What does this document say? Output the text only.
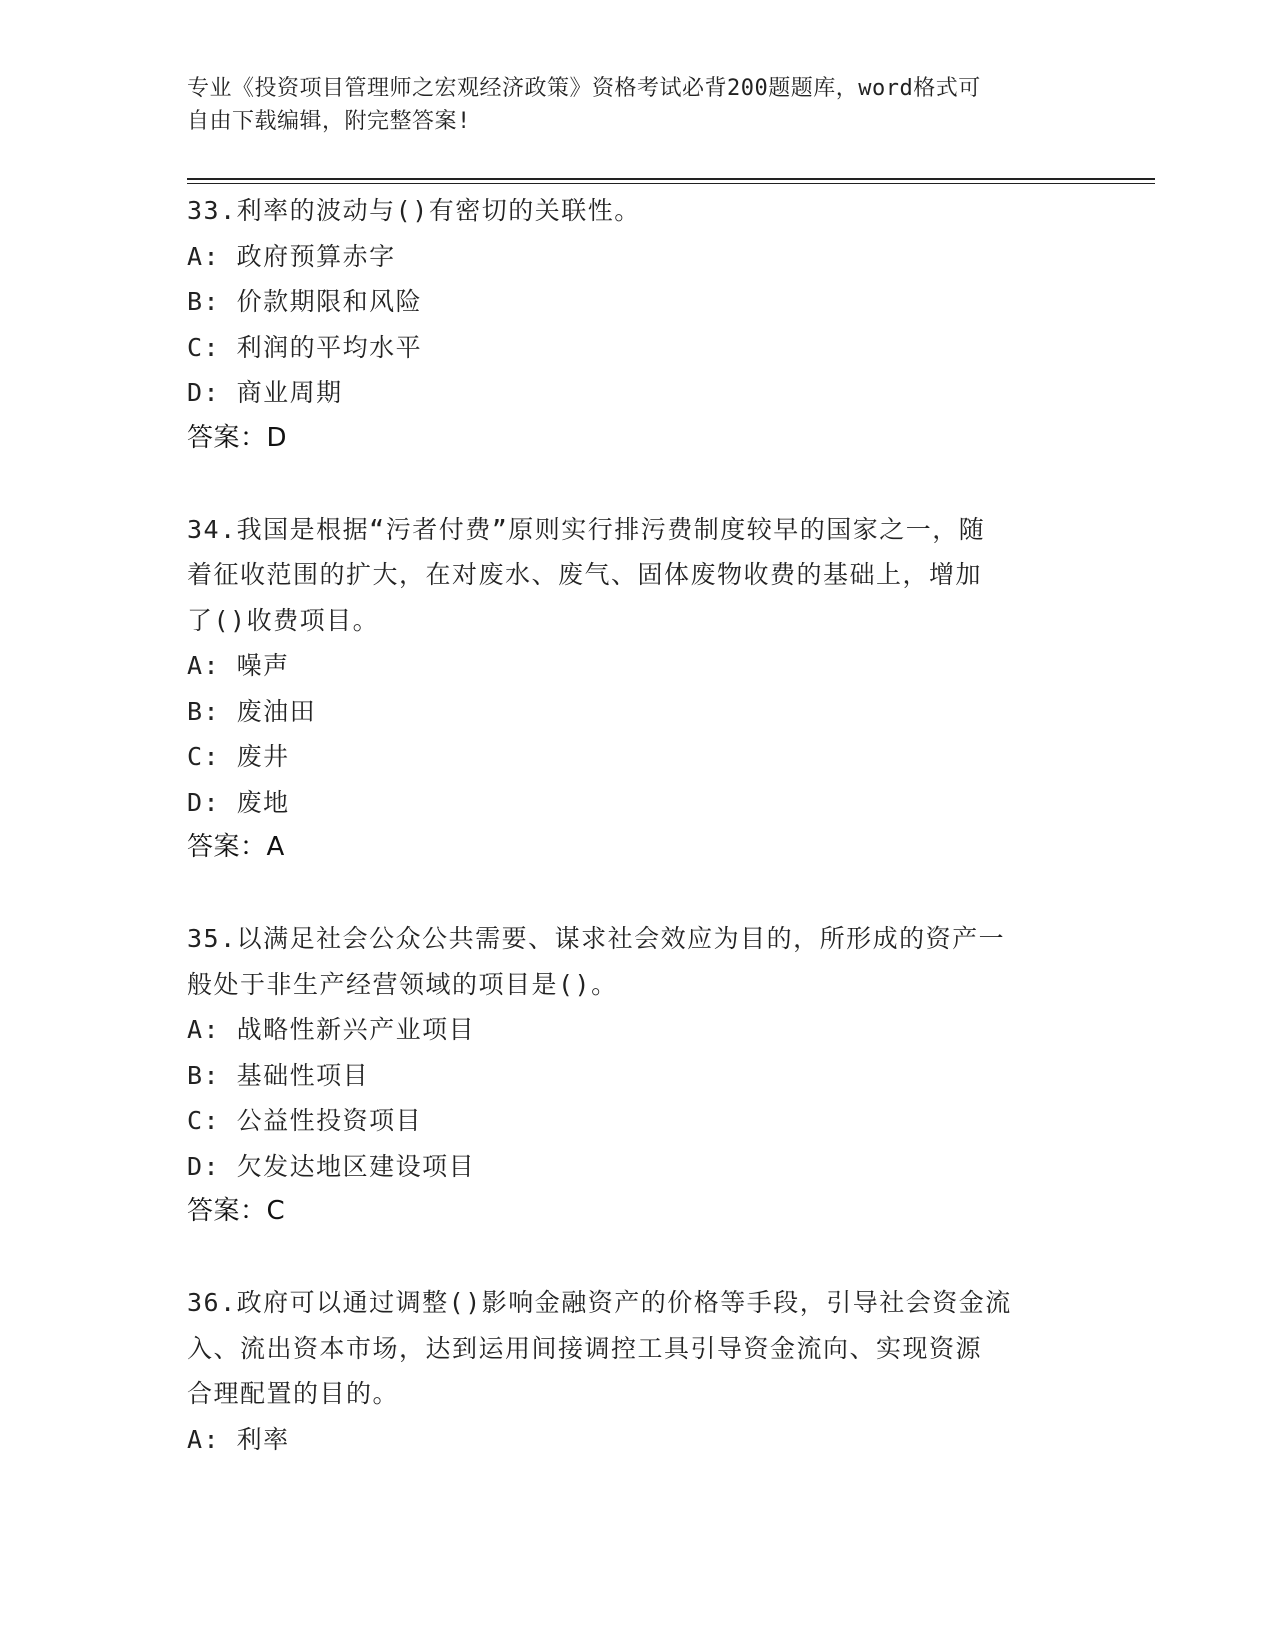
专业《投资项目管理师之宏观经济政策》资格考试必背200题题库，word格式可
自由下载编辑，附完整答案!
33.利率的波动与()有密切的关联性。
A: 政府预算赤字
B: 价款期限和风险
C: 利润的平均水平
D: 商业周期
答案：D
34.我国是根据“污者付费”原则实行排污费制度较早的国家之一，随
着征收范围的扩大，在对废水、废气、固体废物收费的基础上，增加
了()收费项目。
A: 噪声
B: 废油田
C: 废井
D: 废地
答案：A
35.以满足社会公众公共需要、谋求社会效应为目的，所形成的资产一
般处于非生产经营领域的项目是()。
A: 战略性新兴产业项目
B: 基础性项目
C: 公益性投资项目
D: 欠发达地区建设项目
答案：C
36.政府可以通过调整()影响金融资产的价格等手段，引导社会资金流
入、流出资本市场，达到运用间接调控工具引导资金流向、实现资源
合理配置的目的。
A: 利率
